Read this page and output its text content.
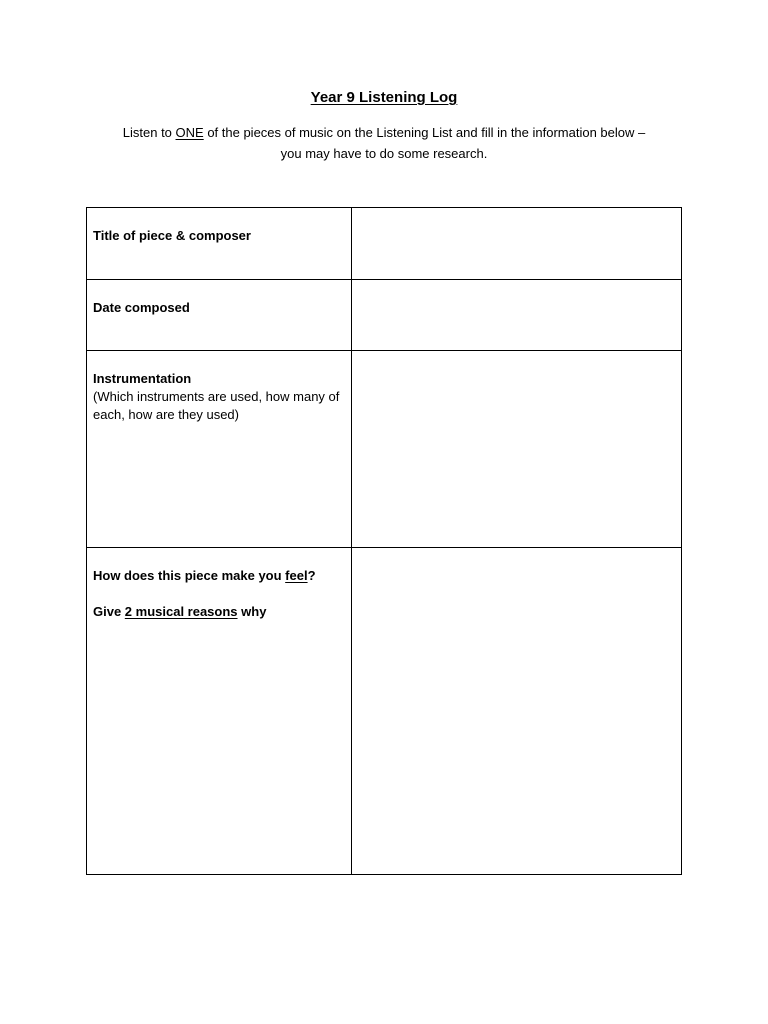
Year 9 Listening Log
Listen to ONE of the pieces of music on the Listening List and fill in the information below –
you may have to do some research.
Title of piece & composer	
Date composed	

Instrumentation
(Which instruments are used, how many of each, how are they used)	

How does this piece make you feel?
Give 2 musical reasons why	
